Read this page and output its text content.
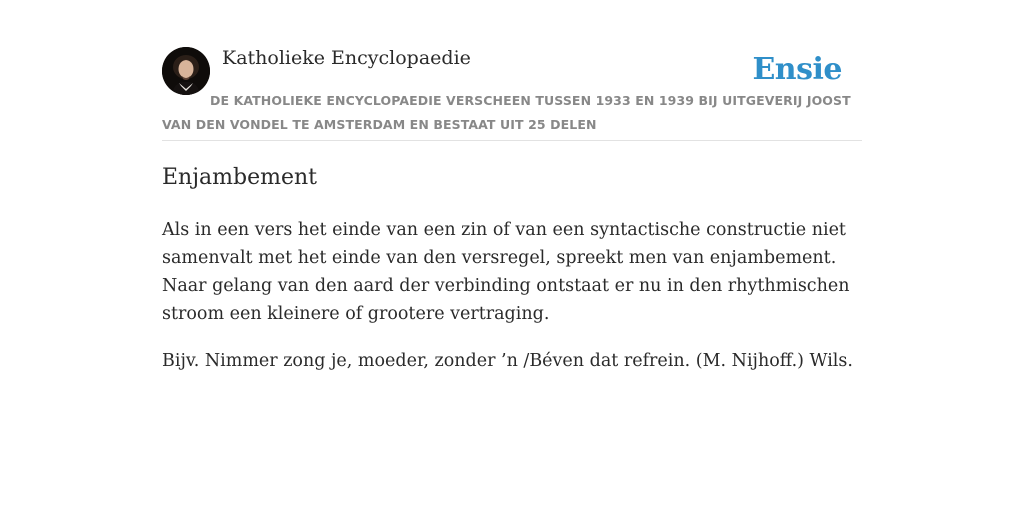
Katholieke Encyclopaedie	Ensie
DE KATHOLIEKE ENCYCLOPAEDIE VERSCHEEN TUSSEN 1933 EN 1939 BIJ UITGEVERIJ JOOST VAN DEN VONDEL TE AMSTERDAM EN BESTAAT UIT 25 DELEN
Enjambement

Als in een vers het einde van een zin of van een syntactische constructie niet samenvalt met het einde van den versregel, spreekt men van enjambement. Naar gelang van den aard der verbinding ontstaat er nu in den rhythmischen stroom een kleinere of grootere vertraging.

Bijv. Nimmer zong je, moeder, zonder ’n /Béven dat refrein. (M. Nijhoff.) Wils.
